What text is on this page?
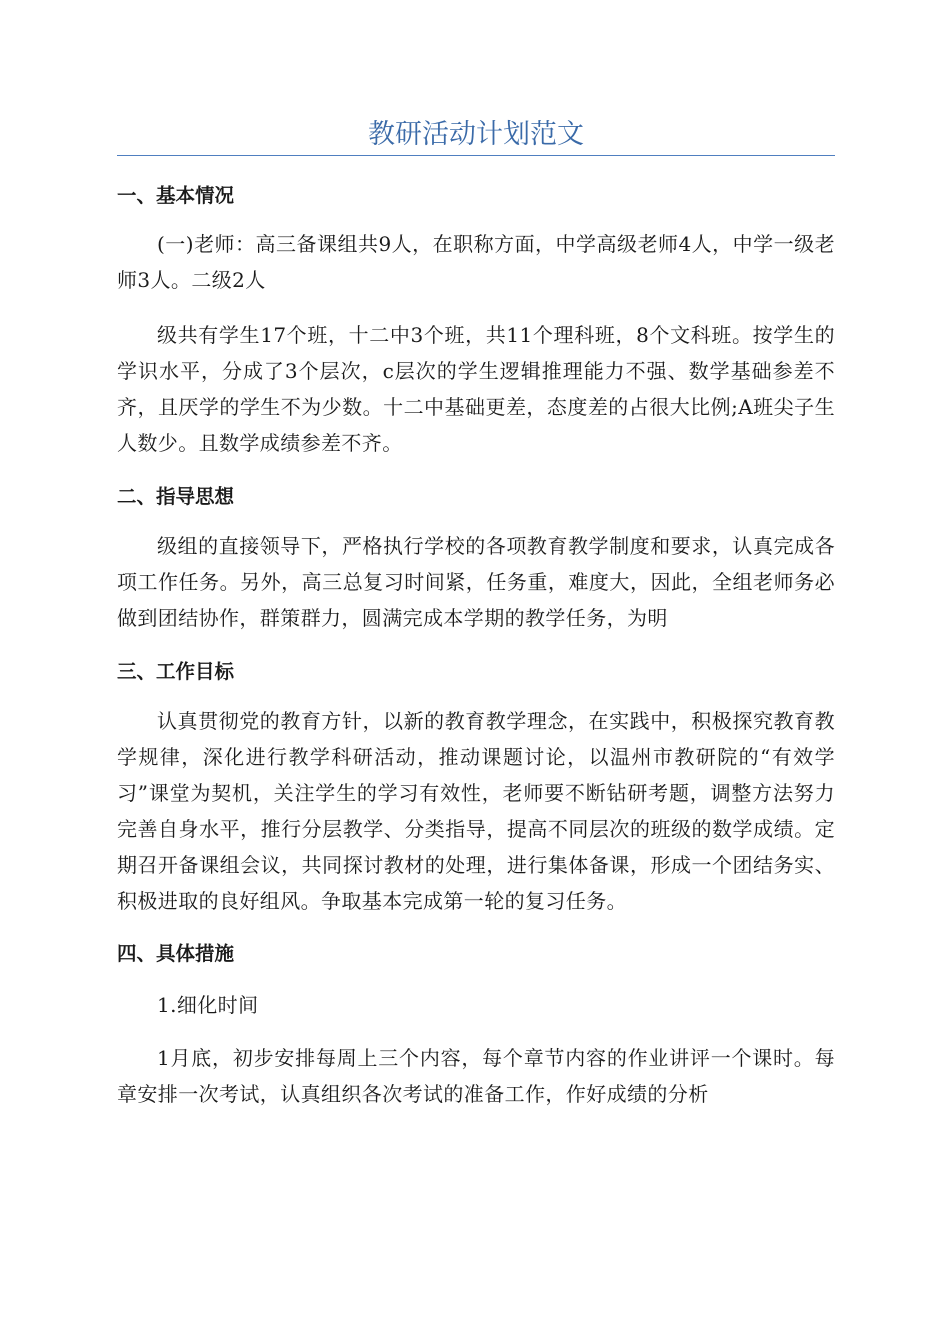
教研活动计划范文
一、基本情况

(一)老师：高三备课组共9人，在职称方面，中学高级老师4人，中学一级老师3人。二级2人

级共有学生17个班，十二中3个班，共11个理科班，8个文科班。按学生的学识水平，分成了3个层次，c层次的学生逻辑推理能力不强、数学基础参差不齐，且厌学的学生不为少数。十二中基础更差，态度差的占很大比例;A班尖子生人数少。且数学成绩参差不齐。

二、指导思想

级组的直接领导下，严格执行学校的各项教育教学制度和要求，认真完成各项工作任务。另外，高三总复习时间紧，任务重，难度大，因此，全组老师务必做到团结协作，群策群力，圆满完成本学期的教学任务，为明

三、工作目标

认真贯彻党的教育方针，以新的教育教学理念，在实践中，积极探究教育教学规律，深化进行教学科研活动，推动课题讨论，以温州市教研院的“有效学习”课堂为契机，关注学生的学习有效性，老师要不断钻研考题，调整方法努力完善自身水平，推行分层教学、分类指导，提高不同层次的班级的数学成绩。定期召开备课组会议，共同探讨教材的处理，进行集体备课，形成一个团结务实、积极进取的良好组风。争取基本完成第一轮的复习任务。

四、具体措施

1.细化时间

1月底，初步安排每周上三个内容，每个章节内容的作业讲评一个课时。每章安排一次考试，认真组织各次考试的准备工作，作好成绩的分析
